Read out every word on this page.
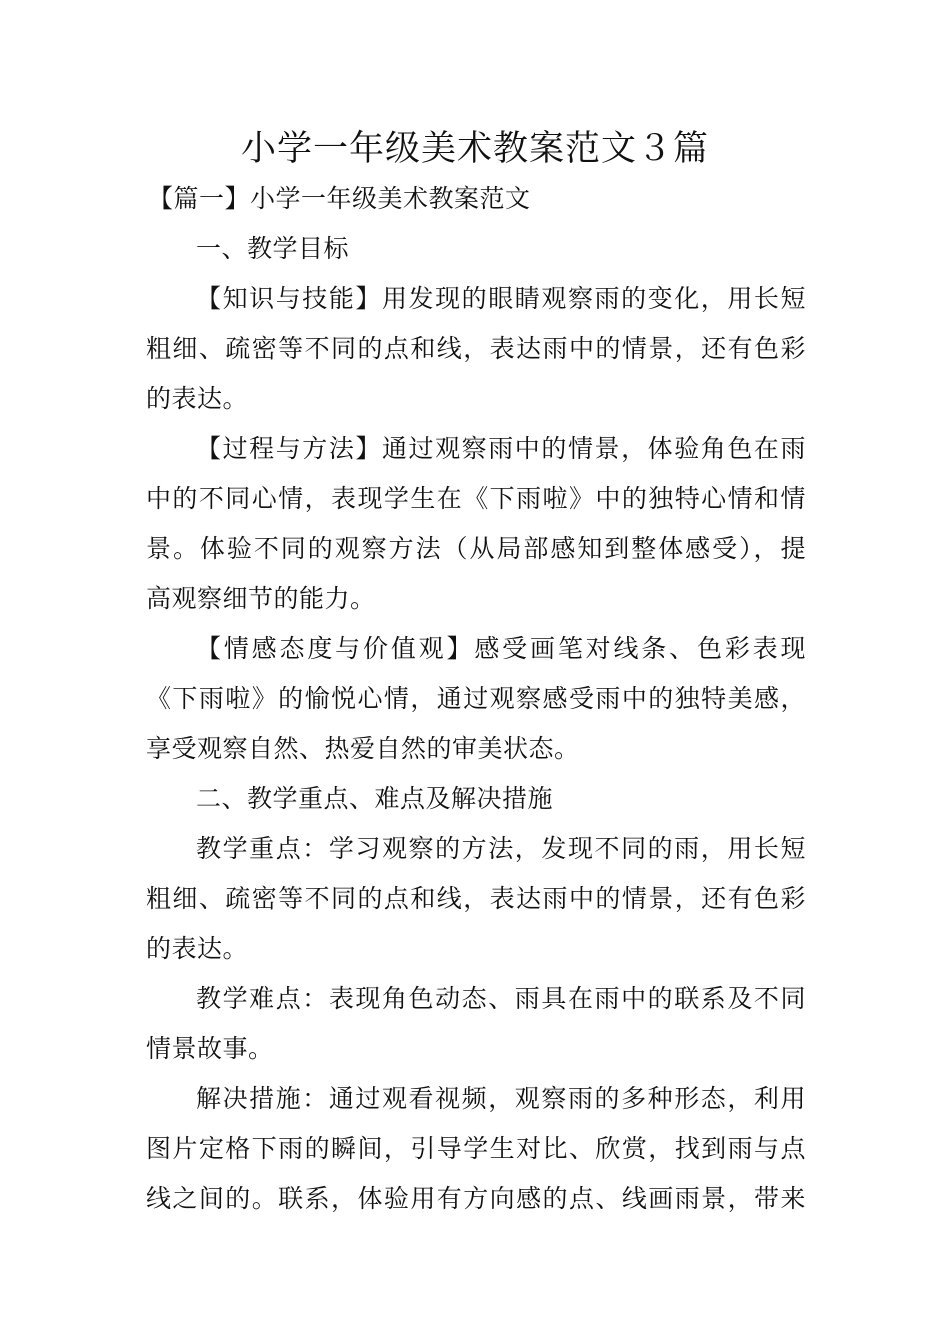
小学一年级美术教案范文３篇
【篇一】小学一年级美术教案范文
一、教学目标
【知识与技能】用发现的眼睛观察雨的变化，用长短
粗细、疏密等不同的点和线，表达雨中的情景，还有色彩
的表达。
【过程与方法】通过观察雨中的情景，体验角色在雨
中的不同心情，表现学生在《下雨啦》中的独特心情和情
景。体验不同的观察方法（从局部感知到整体感受），提
高观察细节的能力。
【情感态度与价值观】感受画笔对线条、色彩表现
《下雨啦》的愉悦心情，通过观察感受雨中的独特美感，
享受观察自然、热爱自然的审美状态。
二、教学重点、难点及解决措施
教学重点：学习观察的方法，发现不同的雨，用长短
粗细、疏密等不同的点和线，表达雨中的情景，还有色彩
的表达。
教学难点：表现角色动态、雨具在雨中的联系及不同
情景故事。
解决措施：通过观看视频，观察雨的多种形态，利用
图片定格下雨的瞬间，引导学生对比、欣赏，找到雨与点
线之间的。联系，体验用有方向感的点、线画雨景，带来
